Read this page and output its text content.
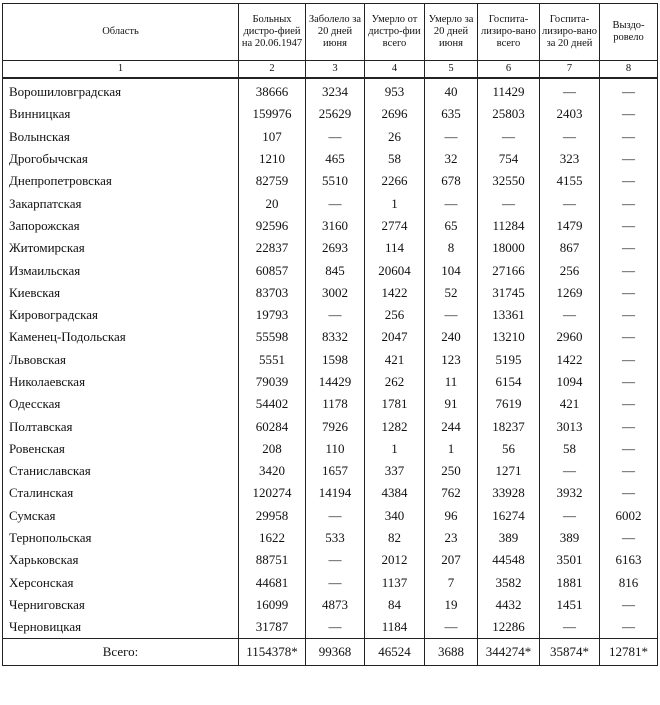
Область	Больных дистро-фией на 20.06.1947	Заболело за 20 дней июня	Умерло от дистро-фии всего	Умерло за 20 дней июня	Госпита-лизиро-вано всего	Госпита-лизиро-вано за 20 дней	Выздо-ровело
1	2	3	4	5	6	7	8
Ворошиловградская	38666	3234	953	40	11429	—	—
Винницкая	159976	25629	2696	635	25803	2403	—
Волынская	107	—	26	—	—	—	—
Дрогобычская	1210	465	58	32	754	323	—
Днепропетровская	82759	5510	2266	678	32550	4155	—
Закарпатская	20	—	1	—	—	—	—
Запорожская	92596	3160	2774	65	11284	1479	—
Житомирская	22837	2693	114	8	18000	867	—
Измаильская	60857	845	20604	104	27166	256	—
Киевская	83703	3002	1422	52	31745	1269	—
Кировоградская	19793	—	256	—	13361	—	—
Каменец-Подольская	55598	8332	2047	240	13210	2960	—
Львовская	5551	1598	421	123	5195	1422	—
Николаевская	79039	14429	262	11	6154	1094	—
Одесская	54402	1178	1781	91	7619	421	—
Полтавская	60284	7926	1282	244	18237	3013	—
Ровенская	208	110	1	1	56	58	—
Станиславская	3420	1657	337	250	1271	—	—
Сталинская	120274	14194	4384	762	33928	3932	—
Сумская	29958	—	340	96	16274	—	6002
Тернопольская	1622	533	82	23	389	389	—
Харьковская	88751	—	2012	207	44548	3501	6163
Херсонская	44681	—	1137	7	3582	1881	816
Черниговская	16099	4873	84	19	4432	1451	—
Черновицкая	31787	—	1184	—	12286	—	—
Всего:	1154378*	99368	46524	3688	344274*	35874*	12781*
